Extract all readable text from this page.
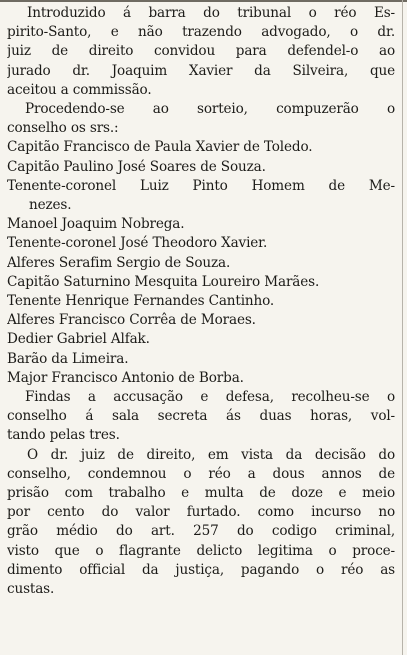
Introduzido á barra do tribunal o réo Es-
pirito-Santo, e não trazendo advogado, o dr.
juiz de direito convidou para defendel-o ao
jurado dr. Joaquim Xavier da Silveira, que
aceitou a commissão.
Procedendo-se ao sorteio, compuzerão o
conselho os srs.:
Capitão Francisco de Paula Xavier de Toledo.
Capitão Paulino José Soares de Souza.
Tenente-coronel Luiz Pinto Homem de Me-
nezes.
Manoel Joaquim Nobrega.
Tenente-coronel José Theodoro Xavier.
Alferes Serafim Sergio de Souza.
Capitão Saturnino Mesquita Loureiro Marães.
Tenente Henrique Fernandes Cantinho.
Alferes Francisco Corrêa de Moraes.
Dedier Gabriel Alfak.
Barão da Limeira.
Major Francisco Antonio de Borba.
Findas a accusação e defesa, recolheu-se o
conselho á sala secreta ás duas horas, vol-
tando pelas tres.
O dr. juiz de direito, em vista da decisão do
conselho, condemnou o réo a dous annos de
prisão com trabalho e multa de doze e meio
por cento do valor furtado. como incurso no
grão médio do art. 257 do codigo criminal,
visto que o flagrante delicto legitima o proce-
dimento official da justiça, pagando o réo as
custas.
